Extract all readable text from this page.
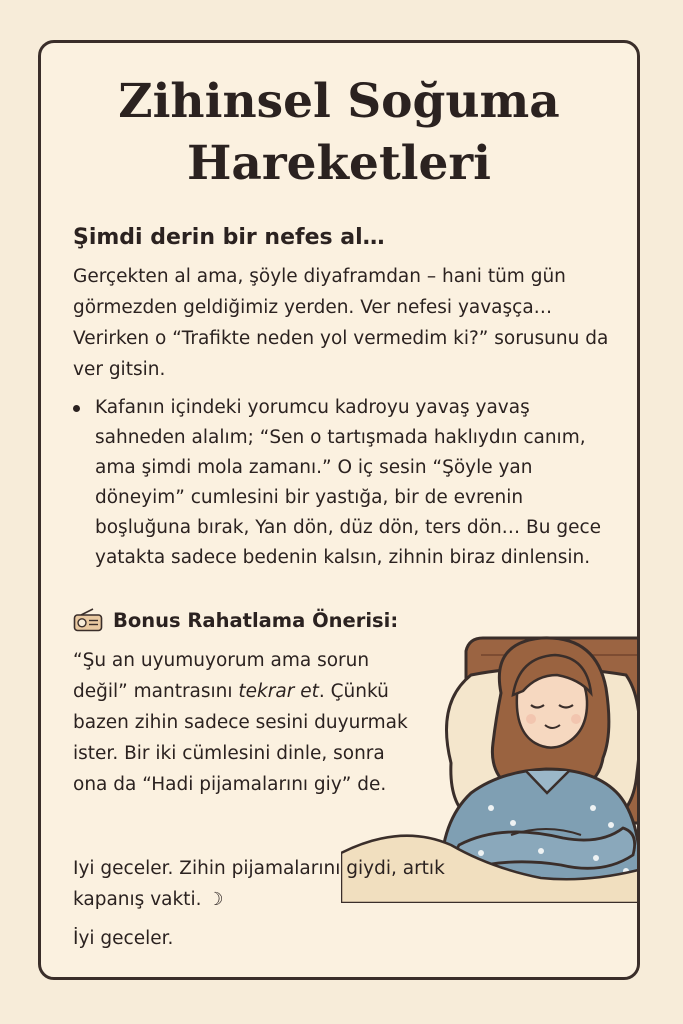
Zihinsel Soğuma
Hareketleri
Şimdi derin bir nefes al…

Gerçekten al ama, şöyle diyaframdan – hani tüm gün görmezden geldiğimiz yerden. Ver nefesi yavaşça… Verirken o “Trafikte neden yol vermedim ki?” sorusunu da ver gitsin.

Kafanın içindeki yorumcu kadroyu yavaş yavaş sahneden alalım; “Sen o tartışmada haklıydın canım, ama şimdi mola zamanı.” O iç sesin “Şöyle yan döneyim” cumlesini bir yastığa, bir de evrenin boşluğuna bırak, Yan dön, düz dön, ters dön… Bu gece yatakta sadece bedenin kalsın, zihnin biraz dinlensin.

Bonus Rahatlama Önerisi:

“Şu an uyumuyorum ama sorun değil” mantrasını tekrar et. Çünkü bazen zihin sadece sesini duyurmak ister. Bir iki cümlesini dinle, sonra ona da “Hadi pijamalarını giy” de.

Iyi geceler. Zihin pijamalarını giydi, artık kapanış vakti. ☽

İyi geceler.
